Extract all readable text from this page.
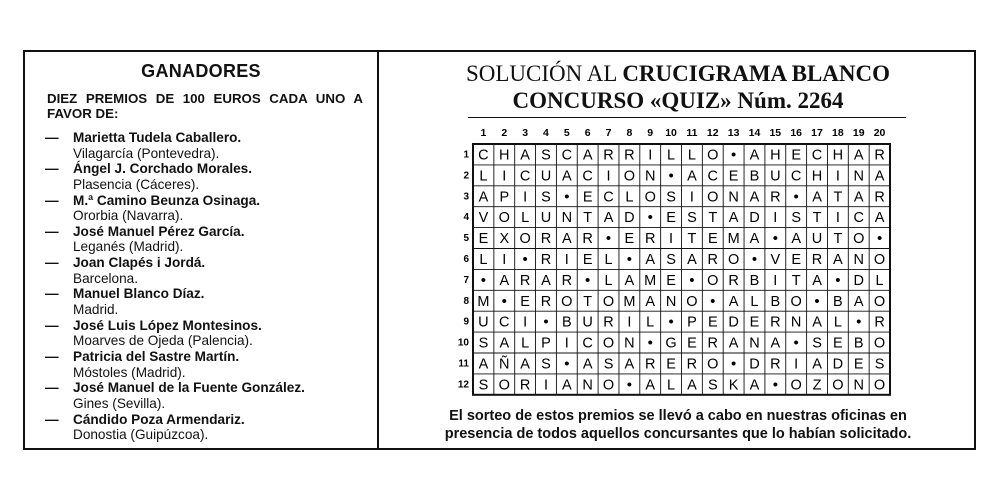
GANADORES
DIEZ PREMIOS DE 100 EUROS CADA UNO A FAVOR DE:
— Marietta Tudela Caballero.
Vilagarcía (Pontevedra).
— Ángel J. Corchado Morales.
Plasencia (Cáceres).
— M.ª Camino Beunza Osinaga.
Ororbia (Navarra).
— José Manuel Pérez García.
Leganés (Madrid).
— Joan Clapés i Jordá.
Barcelona.
— Manuel Blanco Díaz.
Madrid.
— José Luis López Montesinos.
Moarves de Ojeda (Palencia).
— Patricia del Sastre Martín.
Móstoles (Madrid).
— José Manuel de la Fuente González.
Gines (Sevilla).
— Cándido Poza Armendariz.
Donostia (Guipúzcoa).
SOLUCIÓN AL CRUCIGRAMA BLANCO
CONCURSO «QUIZ» Núm. 2264
1 2 3 4 5 6 7 8 9 10 11 12 13 14 15 16 17 18 19 20
1
2
3
4
5
6
7
8
9
10
11
12
C H A S C A R R I L L O • A H E C H A R
L I C U A C I O N • A C E B U C H I N A
A P I S • E C L O S I O N A R • A T A R
V O L U N T A D • E S T A D I S T I C A
E X O R A R • E R I T E M A • A U T O •
L I • R I E L • A S A R O • V E R A N O
• A R A R • L A M E • O R B I T A • D L
M • E R O T O M A N O • A L B O • B A O
U C I • B U R I L • P E D E R N A L • R
S A L P I C O N • G E R A N A • S E B O
A Ñ A S • A S A R E R O • D R I A D E S
S O R I A N O • A L A S K A • O Z O N O
El sorteo de estos premios se llevó a cabo en nuestras oficinas en
presencia de todos aquellos concursantes que lo habían solicitado.
